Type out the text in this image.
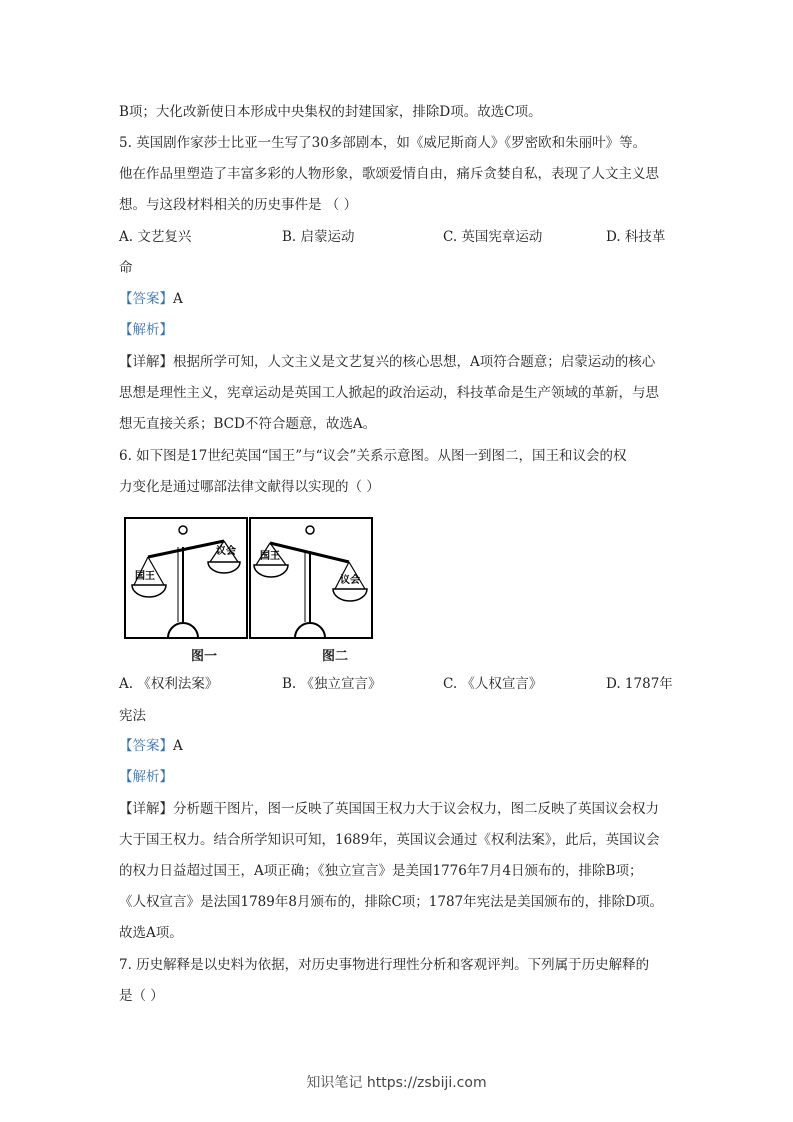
B项；大化改新使日本形成中央集权的封建国家，排除D项。故选C项。
5. 英国剧作家莎士比亚一生写了30多部剧本，如《威尼斯商人》《罗密欧和朱丽叶》等。
他在作品里塑造了丰富多彩的人物形象，歌颂爱情自由，痛斥贪婪自私，表现了人文主义思
想。与这段材料相关的历史事件是 （ ）
A. 文艺复兴	B. 启蒙运动	C. 英国宪章运动	D. 科技革
命
【答案】A
【解析】
【详解】根据所学可知，人文主义是文艺复兴的核心思想，A项符合题意；启蒙运动的核心
思想是理性主义，宪章运动是英国工人掀起的政治运动，科技革命是生产领域的革新，与思
想无直接关系；BCD不符合题意，故选A。
6. 如下图是17世纪英国“国王”与“议会”关系示意图。从图一到图二，国王和议会的权
力变化是通过哪部法律文献得以实现的（ ）
国王
议会 国王
议会
图一	图二
A. 《权利法案》	B. 《独立宣言》	C. 《人权宣言》	D. 1787年
宪法
【答案】A
【解析】
【详解】分析题干图片，图一反映了英国国王权力大于议会权力，图二反映了英国议会权力
大于国王权力。结合所学知识可知，1689年，英国议会通过《权利法案》，此后，英国议会
的权力日益超过国王，A项正确；《独立宣言》是美国1776年7月4日颁布的，排除B项；
《人权宣言》是法国1789年8月颁布的，排除C项；1787年宪法是美国颁布的，排除D项。
故选A项。
7. 历史解释是以史料为依据，对历史事物进行理性分析和客观评判。下列属于历史解释的
是（ ）
知识笔记 https://zsbiji.com
